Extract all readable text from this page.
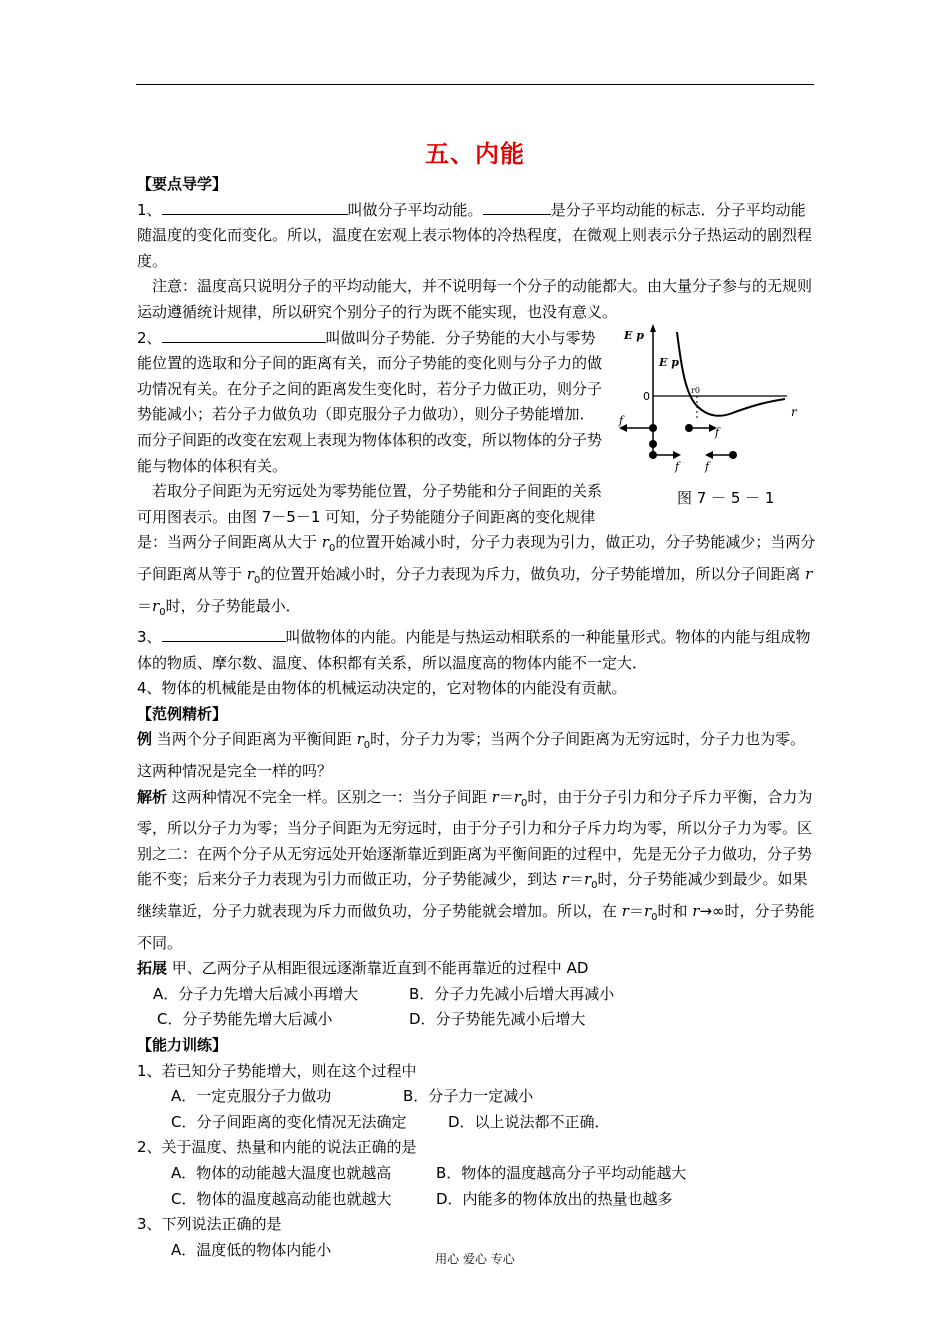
五、内能

【要点导学】

1、	叫做分子平均动能。	是分子平均动能的标志．分子平均动能随温度的变化而变化。所以，温度在宏观上表示物体的冷热程度，在微观上则表示分子热运动的剧烈程度。

注意：温度高只说明分子的平均动能大，并不说明每一个分子的动能都大。由大量分子参与的无规则运动遵循统计规律，所以研究个别分子的行为既不能实现，也没有意义。

2、	E p
E p
0	r0
r
f
f
f f
图 7 － 5 － 1
叫做叫分子势能．分子势能的大小与零势能位置的选取和分子间的距离有关，而分子势能的变化则与分子力的做功情况有关。在分子之间的距离发生变化时，若分子力做正功，则分子势能减小；若分子力做负功（即克服分子力做功），则分子势能增加．而分子间距的改变在宏观上表现为物体体积的改变，所以物体的分子势能与物体的体积有关。

若取分子间距为无穷远处为零势能位置，分子势能和分子间距的关系可用图表示。由图 7－5－1 可知，分子势能随分子间距离的变化规律是：当两分子间距离从大于 $r_0$的位置开始减小时，分子力表现为引力，做正功，分子势能减少；当两分子间距离从等于 $r_0$的位置开始减小时，分子力表现为斥力，做负功，分子势能增加，所以分子间距离 $r=r_0$时，分子势能最小．

3、	叫做物体的内能。内能是与热运动相联系的一种能量形式。物体的内能与组成物体的物质、摩尔数、温度、体积都有关系，所以温度高的物体内能不一定大．

4、物体的机械能是由物体的机械运动决定的，它对物体的内能没有贡献。

【范例精析】

例 当两个分子间距离为平衡间距 $r_0$时，分子力为零；当两个分子间距离为无穷远时，分子力也为零。这两种情况是完全一样的吗？

解析 这两种情况不完全一样。区别之一：当分子间距 $r=r_0$时，由于分子引力和分子斥力平衡，合力为零，所以分子力为零；当分子间距为无穷远时，由于分子引力和分子斥力均为零，所以分子力为零。区别之二：在两个分子从无穷远处开始逐渐靠近到距离为平衡间距的过程中，先是无分子力做功，分子势能不变；后来分子力表现为引力而做正功，分子势能减少，到达 $r=r_0$时，分子势能减少到最少。如果继续靠近，分子力就表现为斥力而做负功，分子势能就会增加。所以，在 $r=r_0$时和 r→∞时，分子势能不同。

拓展 甲、乙两分子从相距很远逐渐靠近直到不能再靠近的过程中 AD

A．分子力先增大后减小再增大	B．分子力先减小后增大再减小

C．分子势能先增大后减小	D．分子势能先减小后增大

【能力训练】

1、若已知分子势能增大，则在这个过程中

A．一定克服分子力做功	B．分子力一定减小

C．分子间距离的变化情况无法确定	D．以上说法都不正确．

2、关于温度、热量和内能的说法正确的是

A．物体的动能越大温度也就越高	B．物体的温度越高分子平均动能越大

C．物体的温度越高动能也就越大	D．内能多的物体放出的热量也越多

3、下列说法正确的是

A．温度低的物体内能小

用心 爱心 专心
